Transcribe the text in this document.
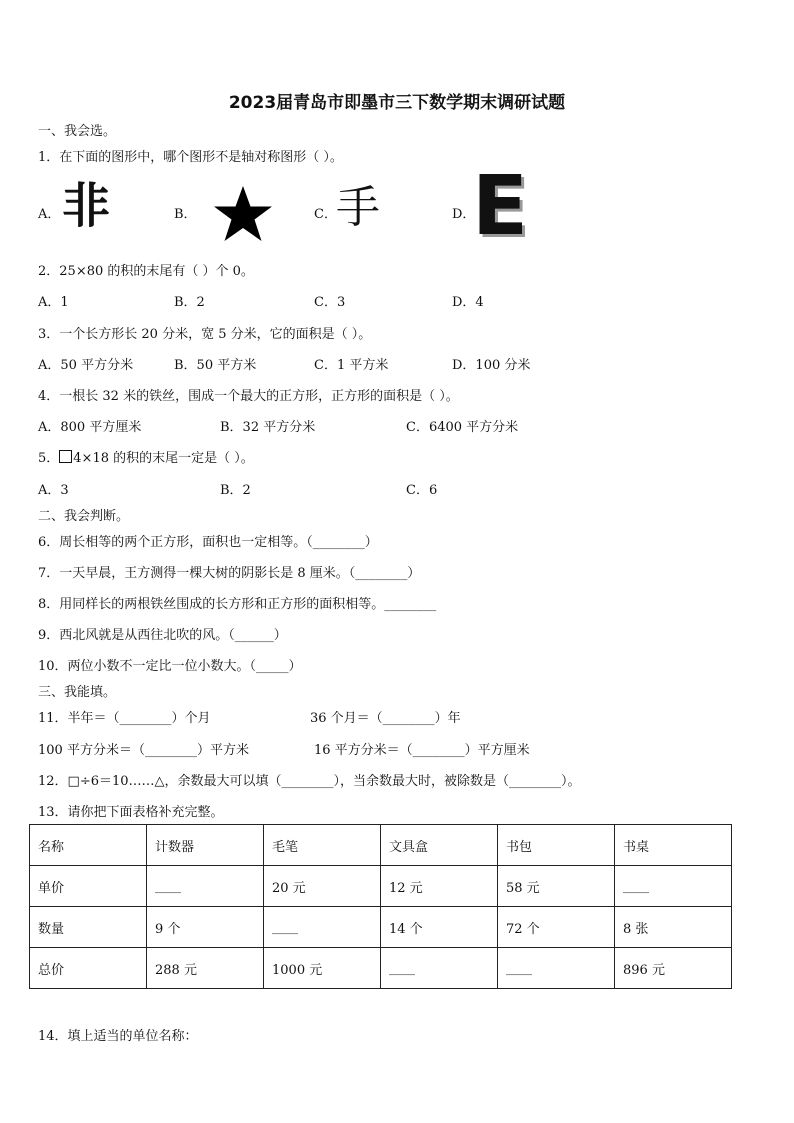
2023届青岛市即墨市三下数学期末调研试题
一、我会选。
1．在下面的图形中，哪个图形不是轴对称图形（ ）。
A． 非	B．	C． 手	D．
E
2．25×80 的积的末尾有（ ）个 0。
A．1	B．2	C．3	D．4
3．一个长方形长 20 分米，宽 5 分米，它的面积是（ ）。
A．50 平方分米	B．50 平方米	C．1 平方米	D．100 分米
4．一根长 32 米的铁丝，围成一个最大的正方形，正方形的面积是（ ）。
A．800 平方厘米	B．32 平方分米	C．6400 平方分米
5． 4×18 的积的末尾一定是（ ）。
A．3	B．2	C．6
二、我会判断。
6．周长相等的两个正方形，面积也一定相等。（________）
7．一天早晨，王方测得一棵大树的阴影长是 8 厘米。（________）
8．用同样长的两根铁丝围成的长方形和正方形的面积相等。________
9．西北风就是从西往北吹的风。（______）
10．两位小数不一定比一位小数大。（_____）
三、我能填。
11．半年＝（________）个月	36 个月＝（________）年
100 平方分米＝（________）平方米	16 平方分米＝（________）平方厘米
12．□÷6＝10……△，余数最大可以填（________），当余数最大时，被除数是（________）。
13．请你把下面表格补充完整。
名称	计数器	毛笔	文具盒	书包	书桌
单价	____	20 元	12 元	58 元	____
数量	9 个	____	14 个	72 个	8 张
总价	288 元	1000 元	____	____	896 元
14．填上适当的单位名称：
